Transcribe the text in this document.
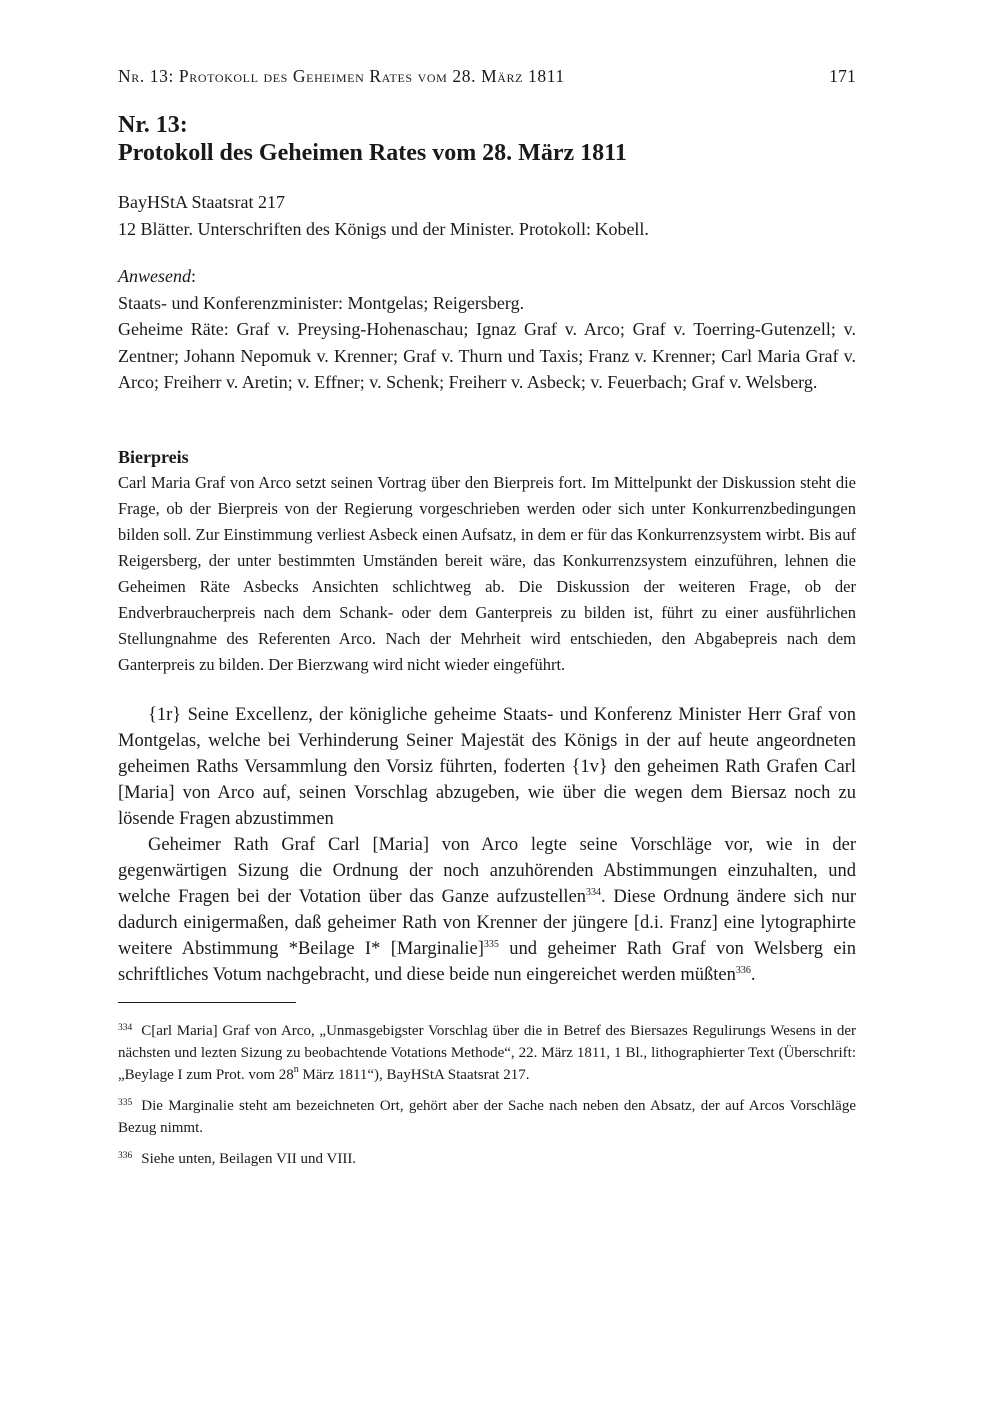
Nr. 13: Protokoll des Geheimen Rates vom 28. März 1811	171
Nr. 13:
Protokoll des Geheimen Rates vom 28. März 1811
BayHStA Staatsrat 217
12 Blätter. Unterschriften des Königs und der Minister. Protokoll: Kobell.
Anwesend:
Staats- und Konferenzminister: Montgelas; Reigersberg.
Geheime Räte: Graf v. Preysing-Hohenaschau; Ignaz Graf v. Arco; Graf v. Toerring-Gutenzell; v. Zentner; Johann Nepomuk v. Krenner; Graf v. Thurn und Taxis; Franz v. Krenner; Carl Maria Graf v. Arco; Freiherr v. Aretin; v. Effner; v. Schenk; Freiherr v. Asbeck; v. Feuerbach; Graf v. Welsberg.
Bierpreis

Carl Maria Graf von Arco setzt seinen Vortrag über den Bierpreis fort. Im Mittelpunkt der Diskussion steht die Frage, ob der Bierpreis von der Regierung vorgeschrieben werden oder sich unter Konkurrenzbedingungen bilden soll. Zur Einstimmung verliest Asbeck einen Aufsatz, in dem er für das Konkurrenzsystem wirbt. Bis auf Reigersberg, der unter bestimmten Umständen bereit wäre, das Konkurrenzsystem einzuführen, lehnen die Geheimen Räte Asbecks Ansichten schlichtweg ab. Die Diskussion der weiteren Frage, ob der Endverbraucherpreis nach dem Schank- oder dem Ganterpreis zu bilden ist, führt zu einer ausführlichen Stellungnahme des Referenten Arco. Nach der Mehrheit wird entschieden, den Abgabepreis nach dem Ganterpreis zu bilden. Der Bierzwang wird nicht wieder eingeführt.

{1r} Seine Excellenz, der königliche geheime Staats- und Konferenz Minister Herr Graf von Montgelas, welche bei Verhinderung Seiner Majestät des Königs in der auf heute angeordneten geheimen Raths Versammlung den Vorsiz führten, foderten {1v} den geheimen Rath Grafen Carl [Maria] von Arco auf, seinen Vorschlag abzugeben, wie über die wegen dem Biersaz noch zu lösende Fragen abzustimmen

Geheimer Rath Graf Carl [Maria] von Arco legte seine Vorschläge vor, wie in der gegenwärtigen Sizung die Ordnung der noch anzuhörenden Abstimmungen einzuhalten, und welche Fragen bei der Votation über das Ganze aufzustellen$^{334}$. Diese Ordnung ändere sich nur dadurch einigermaßen, daß geheimer Rath von Krenner der jüngere [d.i. Franz] eine lytographirte weitere Abstimmung *Beilage I* [Marginalie]$^{335}$ und geheimer Rath Graf von Welsberg ein schriftliches Votum nachgebracht, und diese beide nun eingereichet werden müßten$^{336}$.

$^{334}$ C[arl Maria] Graf von Arco, „Unmasgebigster Vorschlag über die in Betref des Biersazes Regulirungs Wesens in der nächsten und lezten Sizung zu beobachtende Votations Methode“, 22. März 1811, 1 Bl., lithographierter Text (Überschrift: „Beylage I zum Prot. vom 28$^n$ März 1811“), BayHStA Staatsrat 217.

$^{335}$ Die Marginalie steht am bezeichneten Ort, gehört aber der Sache nach neben den Absatz, der auf Arcos Vorschläge Bezug nimmt.

$^{336}$ Siehe unten, Beilagen VII und VIII.
